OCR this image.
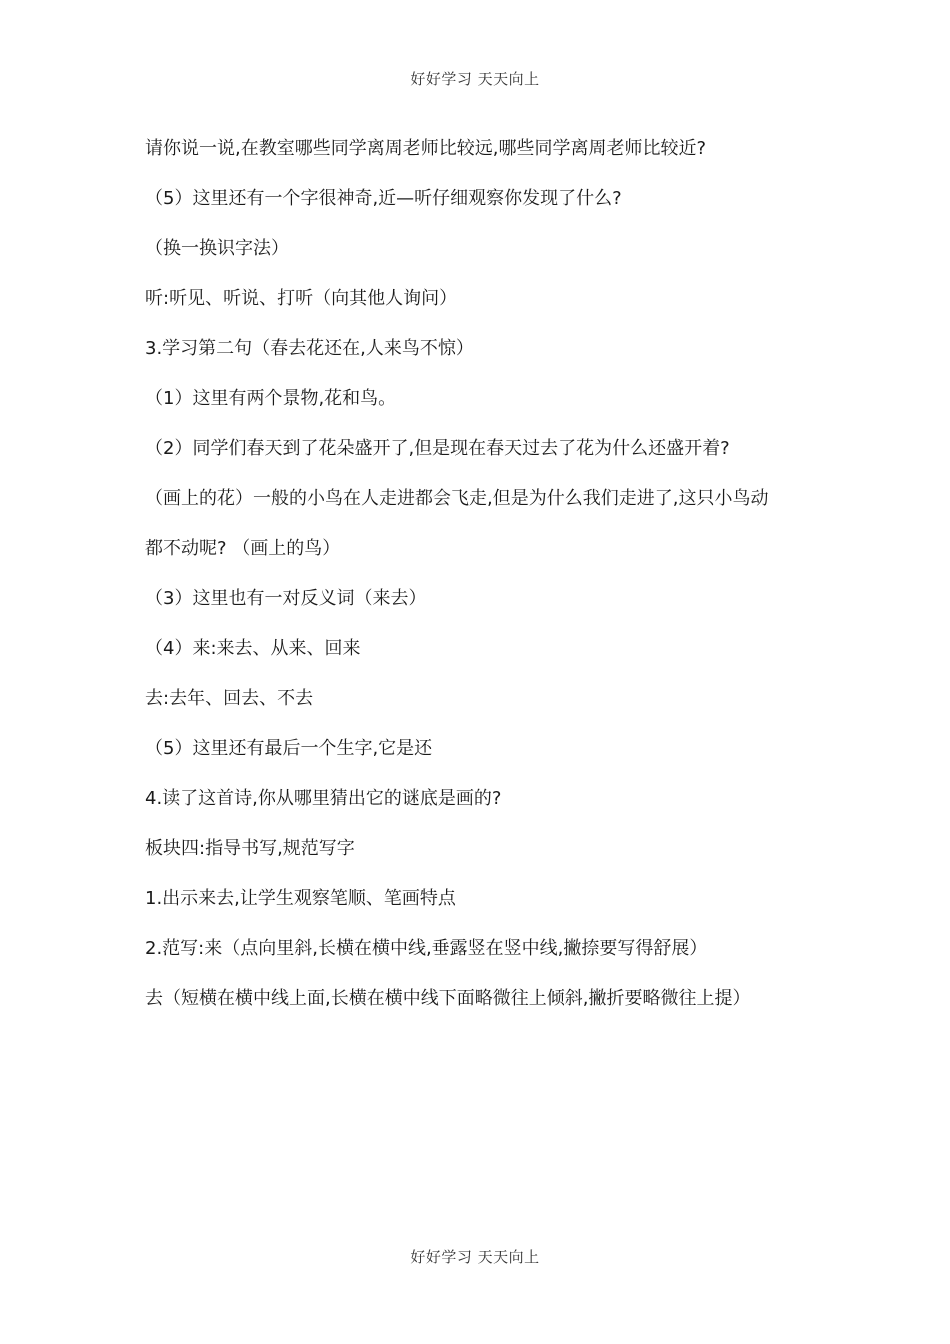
好好学习 天天向上
请你说一说,在教室哪些同学离周老师比较远,哪些同学离周老师比较近?
（5）这里还有一个字很神奇,近—听仔细观察你发现了什么?
（换一换识字法）
听:听见、听说、打听（向其他人询问）
3.学习第二句（春去花还在,人来鸟不惊）
（1）这里有两个景物,花和鸟。
（2）同学们春天到了花朵盛开了,但是现在春天过去了花为什么还盛开着?
（画上的花）一般的小鸟在人走进都会飞走,但是为什么我们走进了,这只小鸟动
都不动呢? （画上的鸟）
（3）这里也有一对反义词（来去）
（4）来:来去、从来、回来
去:去年、回去、不去
（5）这里还有最后一个生字,它是还
4.读了这首诗,你从哪里猜出它的谜底是画的?
板块四:指导书写,规范写字
1.出示来去,让学生观察笔顺、笔画特点
2.范写:来（点向里斜,长横在横中线,垂露竖在竖中线,撇捺要写得舒展）
去（短横在横中线上面,长横在横中线下面略微往上倾斜,撇折要略微往上提）
好好学习 天天向上
